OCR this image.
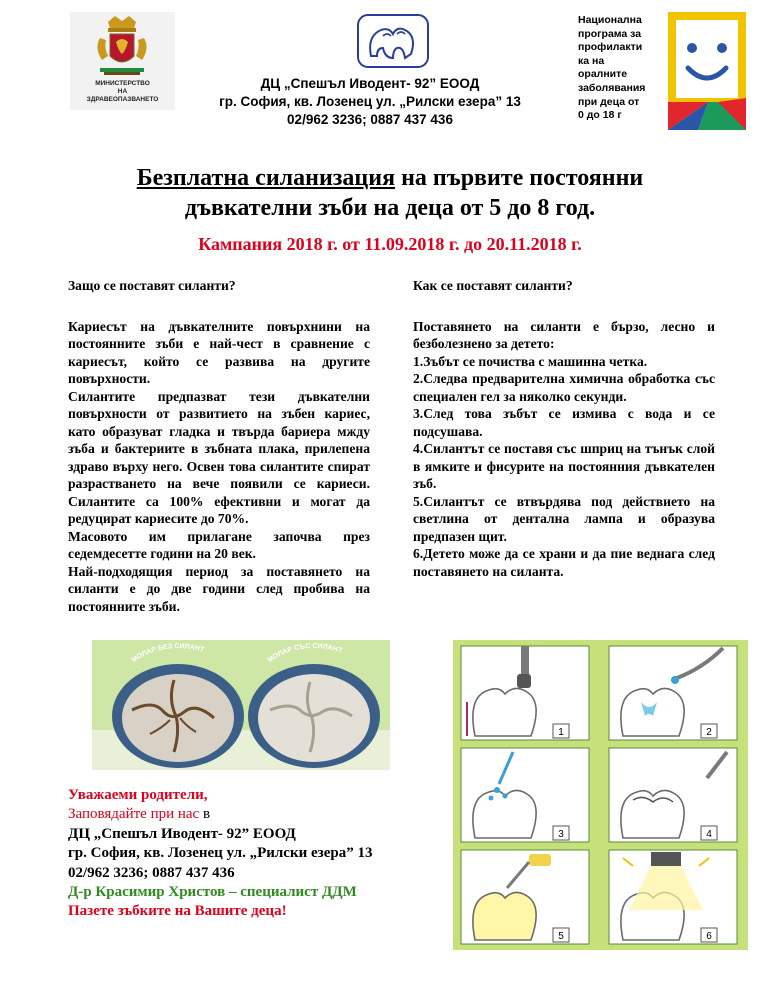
МИНИСТЕРСТВО
НА
ЗДРАВЕОПАЗВАНЕТО
ДЦ „Спешъл Иводент- 92” ЕООД
гр. София, кв. Лозенец ул. „Рилски езера” 13
02/962 3236; 0887 437 436
Национална
програма за
профилакти
ка на
оралните
заболявания
при деца от
0 до 18 г
Безплатна силанизация на първите постоянни
дъвкателни зъби на деца от 5 до 8 год.
Кампания 2018 г. от 11.09.2018 г. до 20.11.2018 г.

Защо се поставят силанти?

Кариесът на дъвкателните повърхнини на постоянните зъби е най-чест в сравнение с кариесът, който се развива на другите повърхности.

Силантите предпазват тези дъвкателни повърхности от развитието на зъбен кариес, като образуват гладка и твърда бариера мжду зъба и бактериите в зъбната плака, прилепена здраво върху него. Освен това силантите спират разрастването на вече появили се кариеси. Силантите са 100% ефективни и могат да редуцират кариесите до 70%.

Масовото им прилагане започва през седемдесетте години на 20 век.

Най-подходящия период за поставянето на силанти е до две години след пробива на постоянните зъби.

Как се поставят силанти?

Поставянето на силанти е бързо, лесно и безболезнено за детето:

1.Зъбът се почиства с машинна четка.

2.Следва предварителна химична обработка със специален гел за няколко секунди.

3.След това зъбът се измива с вода и се подсушава.

4.Силантът се поставя със шприц на тънък слой в ямките и фисурите на постоянния дъвкателен зъб.

5.Силантът се втвърдява под действието на светлина от дентална лампа и образува предпазен щит.

6.Детето може да се храни и да пие веднага след поставянето на силанта.

МОЛАР БЕЗ СИЛАНТ
МОЛАР СЪС СИЛАНТ
1	2
3	4
5	6
Уважаеми родители,
Заповядайте при нас в
ДЦ „Спешъл Иводент- 92” ЕООД
гр. София, кв. Лозенец ул. „Рилски езера” 13
02/962 3236; 0887 437 436
Д-р Красимир Христов – специалист ДДМ
Пазете зъбките на Вашите деца!
